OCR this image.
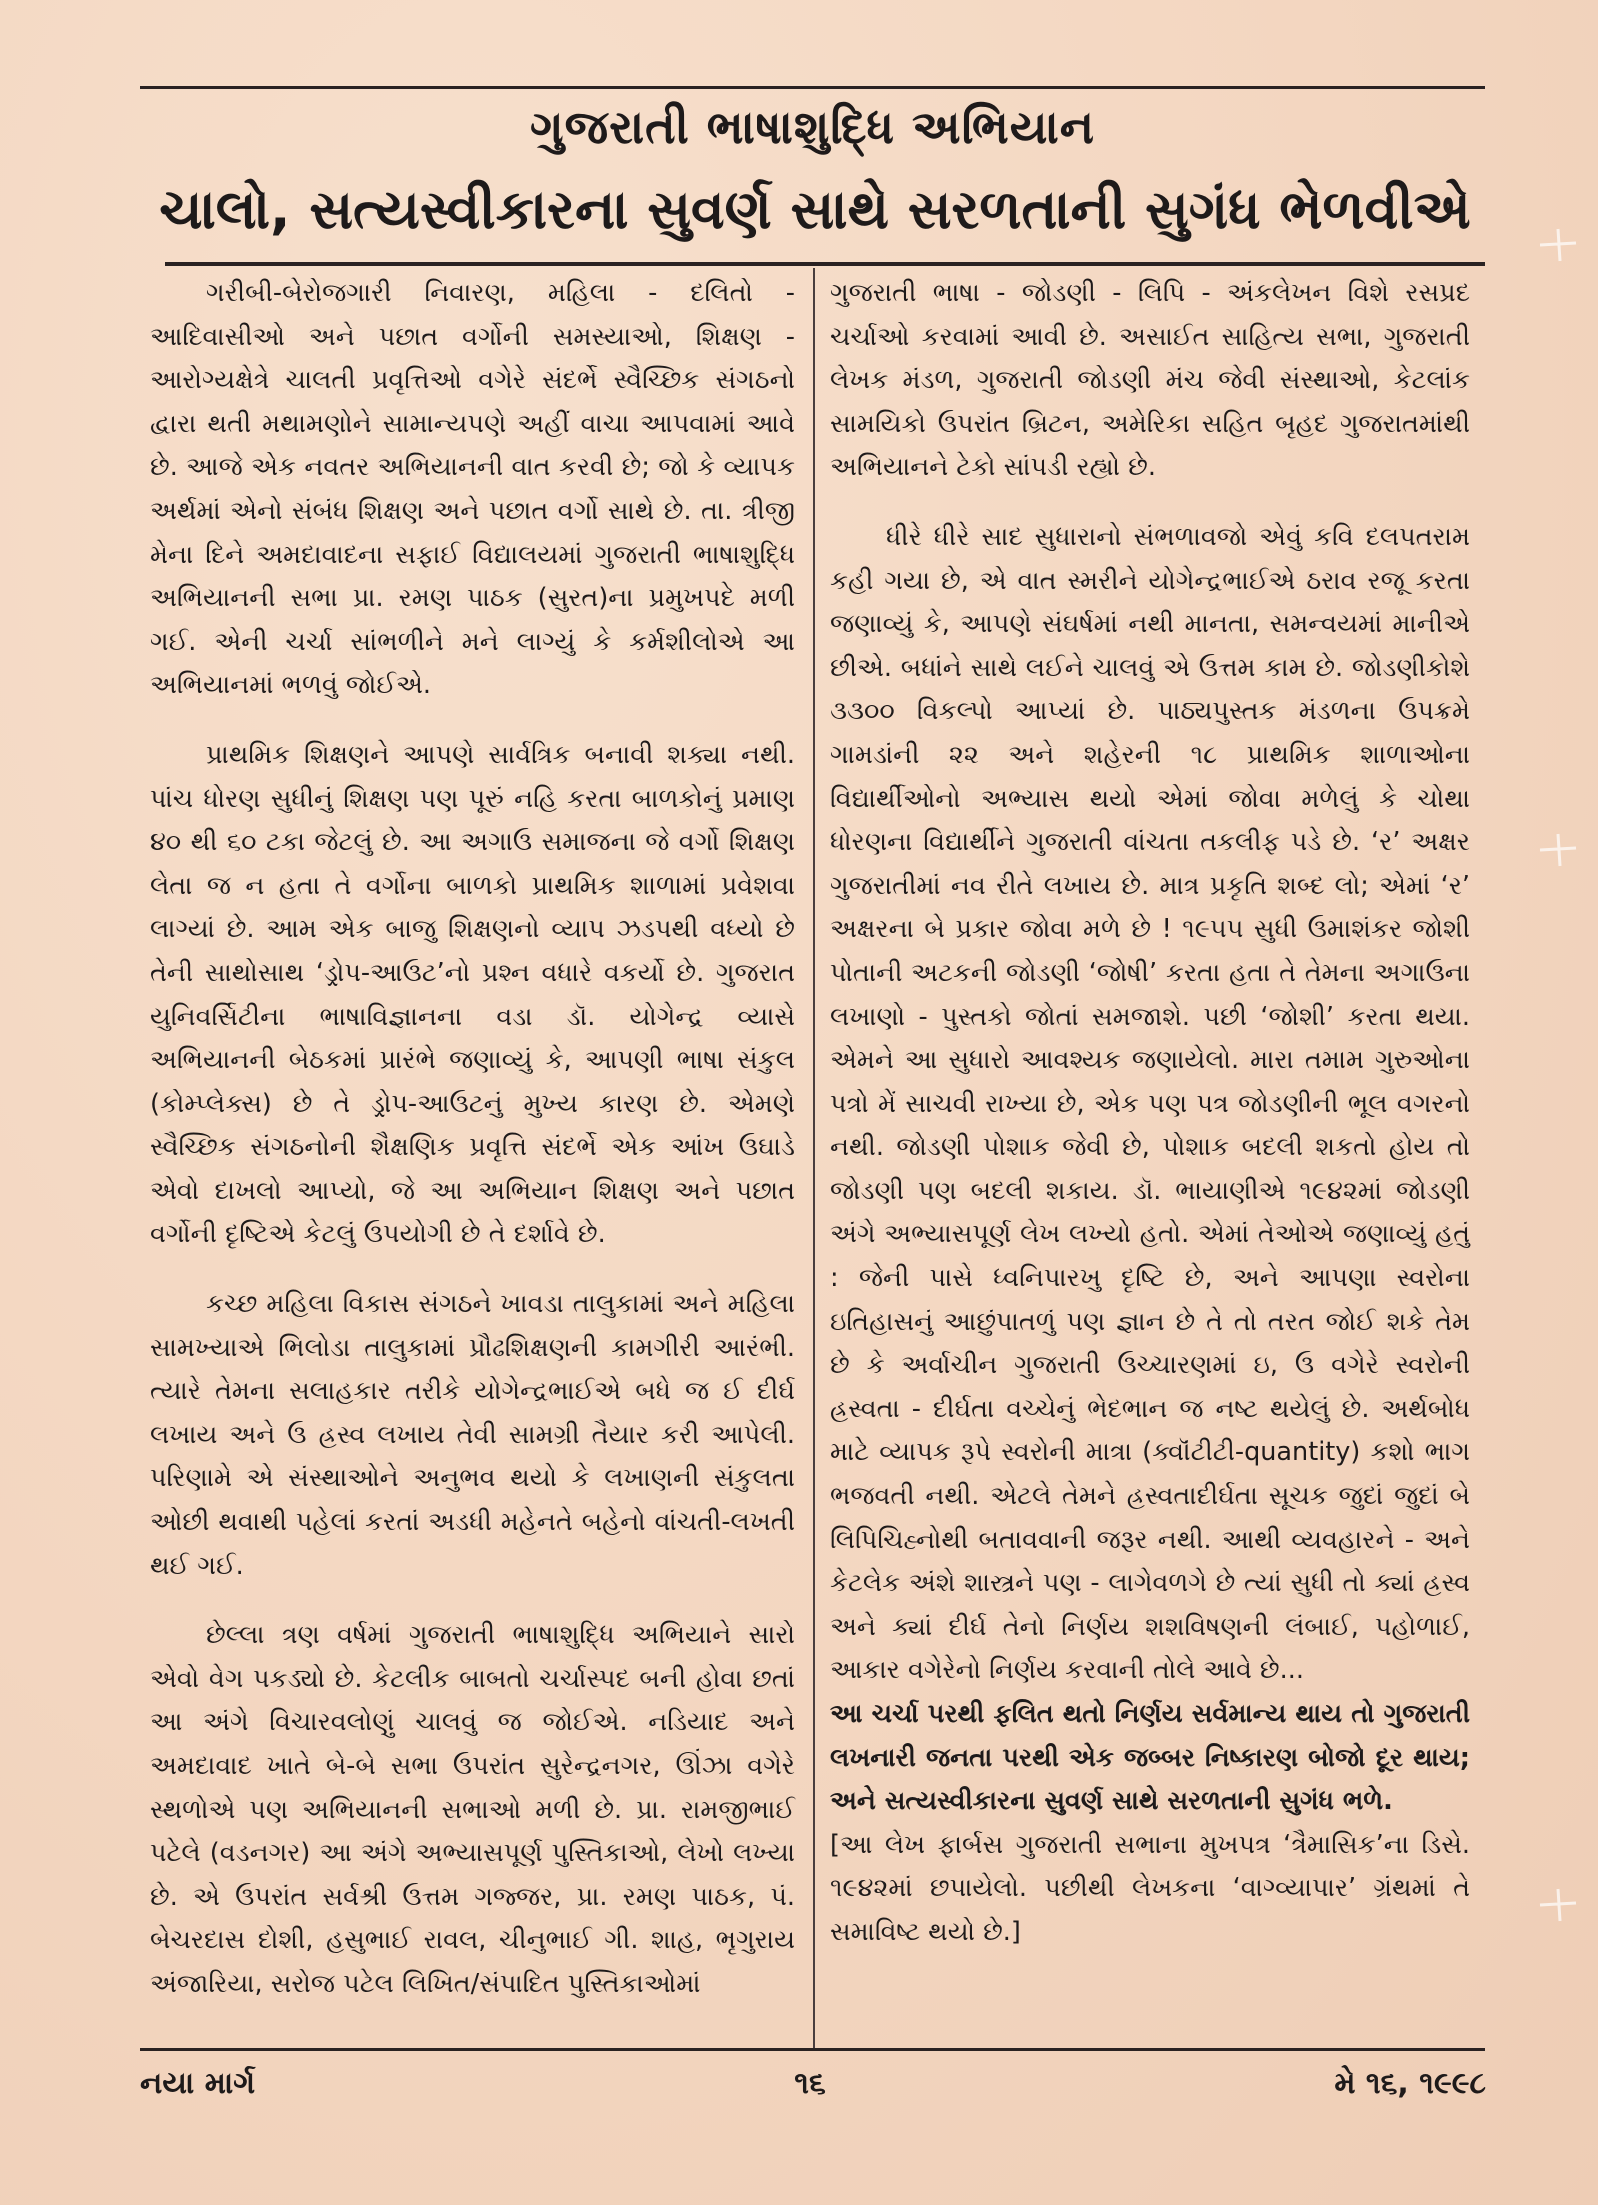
ગુજરાતી ભાષાશુદ્ધિ અભિયાન
ચાલો, સત્યસ્વીકારના સુવર્ણ સાથે સરળતાની સુગંધ ભેળવીએ

ગરીબી-બેરોજગારી નિવારણ, મહિલા - દલિતો - આદિવાસીઓ અને પછાત વર્ગોની સમસ્યાઓ, શિક્ષણ - આરોગ્યક્ષેત્રે ચાલતી પ્રવૃત્તિઓ વગેરે સંદર્ભે સ્વૈચ્છિક સંગઠનો દ્વારા થતી મથામણોને સામાન્યપણે અહીં વાચા આપવામાં આવે છે. આજે એક નવતર અભિયાનની વાત કરવી છે; જો કે વ્યાપક અર્થમાં એનો સંબંધ શિક્ષણ અને પછાત વર્ગો સાથે છે. તા. ત્રીજી મેના દિને અમદાવાદના સફાઈ વિદ્યાલયમાં ગુજરાતી ભાષાશુદ્ધિ અભિયાનની સભા પ્રા. રમણ પાઠક (સુરત)ના પ્રમુખપદે મળી ગઈ. એની ચર્ચા સાંભળીને મને લાગ્યું કે કર્મશીલોએ આ અભિયાનમાં ભળવું જોઈએ.

પ્રાથમિક શિક્ષણને આપણે સાર્વત્રિક બનાવી શક્યા નથી. પાંચ ધોરણ સુધીનું શિક્ષણ પણ પૂરું નહિ કરતા બાળકોનું પ્રમાણ ૪૦ થી ૬૦ ટકા જેટલું છે. આ અગાઉ સમાજના જે વર્ગો શિક્ષણ લેતા જ ન હતા તે વર્ગોના બાળકો પ્રાથમિક શાળામાં પ્રવેશવા લાગ્યાં છે. આમ એક બાજુ શિક્ષણનો વ્યાપ ઝડપથી વધ્યો છે તેની સાથોસાથ ‘ડ્રોપ-આઉટ’નો પ્રશ્ન વધારે વકર્યો છે. ગુજરાત યુનિવર્સિટીના ભાષાવિજ્ઞાનના વડા ડૉ. યોગેન્દ્ર વ્યાસે અભિયાનની બેઠકમાં પ્રારંભે જણાવ્યું કે, આપણી ભાષા સંકુલ (કોમ્પ્લેક્સ) છે તે ડ્રોપ-આઉટનું મુખ્ય કારણ છે. એમણે સ્વૈચ્છિક સંગઠનોની શૈક્ષણિક પ્રવૃત્તિ સંદર્ભે એક આંખ ઉઘાડે એવો દાખલો આપ્યો, જે આ અભિયાન શિક્ષણ અને પછાત વર્ગોની દૃષ્ટિએ કેટલું ઉપયોગી છે તે દર્શાવે છે.

કચ્છ મહિલા વિકાસ સંગઠને ખાવડા તાલુકામાં અને મહિલા સામખ્યાએ ભિલોડા તાલુકામાં પ્રૌઢશિક્ષણની કામગીરી આરંભી. ત્યારે તેમના સલાહકાર તરીકે યોગેન્દ્રભાઈએ બધે જ ઈ દીર્ઘ લખાય અને ઉ હ્રસ્વ લખાય તેવી સામગ્રી તૈયાર કરી આપેલી. પરિણામે એ સંસ્થાઓને અનુભવ થયો કે લખાણની સંકુલતા ઓછી થવાથી પહેલાં કરતાં અડધી મહેનતે બહેનો વાંચતી-લખતી થઈ ગઈ.

છેલ્લા ત્રણ વર્ષમાં ગુજરાતી ભાષાશુદ્ધિ અભિયાને સારો એવો વેગ પકડ્યો છે. કેટલીક બાબતો ચર્ચાસ્પદ બની હોવા છતાં આ અંગે વિચારવલોણું ચાલવું જ જોઈએ. નડિયાદ અને અમદાવાદ ખાતે બે-બે સભા ઉપરાંત સુરેન્દ્રનગર, ઊંઝા વગેરે સ્થળોએ પણ અભિયાનની સભાઓ મળી છે. પ્રા. રામજીભાઈ પટેલે (વડનગર) આ અંગે અભ્યાસપૂર્ણ પુસ્તિકાઓ, લેખો લખ્યા છે. એ ઉપરાંત સર્વશ્રી ઉત્તમ ગજ્જર, પ્રા. રમણ પાઠક, પં. બેચરદાસ દોશી, હસુભાઈ રાવલ, ચીનુભાઈ ગી. શાહ, ભૃગુરાય અંજારિયા, સરોજ પટેલ લિખિત/સંપાદિત પુસ્તિકાઓમાં

ગુજરાતી ભાષા - જોડણી - લિપિ - અંકલેખન વિશે રસપ્રદ ચર્ચાઓ કરવામાં આવી છે. અસાઈત સાહિત્ય સભા, ગુજરાતી લેખક મંડળ, ગુજરાતી જોડણી મંચ જેવી સંસ્થાઓ, કેટલાંક સામયિકો ઉપરાંત બ્રિટન, અમેરિકા સહિત બૃહદ ગુજરાતમાંથી અભિયાનને ટેકો સાંપડી રહ્યો છે.

ધીરે ધીરે સાદ સુધારાનો સંભળાવજો એવું કવિ દલપતરામ કહી ગયા છે, એ વાત સ્મરીને યોગેન્દ્રભાઈએ ઠરાવ રજૂ કરતા જણાવ્યું કે, આપણે સંઘર્ષમાં નથી માનતા, સમન્વયમાં માનીએ છીએ. બધાંને સાથે લઈને ચાલવું એ ઉત્તમ કામ છે. જોડણીકોશે ૩૩૦૦ વિકલ્પો આપ્યાં છે. પાઠ્યપુસ્તક મંડળના ઉપક્રમે ગામડાંની ૨૨ અને શહેરની ૧૮ પ્રાથમિક શાળાઓના વિદ્યાર્થીઓનો અભ્યાસ થયો એમાં જોવા મળેલું કે ચોથા ધોરણના વિદ્યાર્થીને ગુજરાતી વાંચતા તકલીફ પડે છે. ‘ર’ અક્ષર ગુજરાતીમાં નવ રીતે લખાય છે. માત્ર પ્રકૃતિ શબ્દ લો; એમાં ‘ર’ અક્ષરના બે પ્રકાર જોવા મળે છે ! ૧૯૫૫ સુધી ઉમાશંકર જોશી પોતાની અટકની જોડણી ‘જોષી’ કરતા હતા તે તેમના અગાઉના લખાણો - પુસ્તકો જોતાં સમજાશે. પછી ‘જોશી’ કરતા થયા. એમને આ સુધારો આવશ્યક જણાયેલો. મારા તમામ ગુરુઓના પત્રો મેં સાચવી રાખ્યા છે, એક પણ પત્ર જોડણીની ભૂલ વગરનો નથી. જોડણી પોશાક જેવી છે, પોશાક બદલી શકતો હોય તો જોડણી પણ બદલી શકાય. ડૉ. ભાયાણીએ ૧૯૪૨માં જોડણી અંગે અભ્યાસપૂર્ણ લેખ લખ્યો હતો. એમાં તેઓએ જણાવ્યું હતું : જેની પાસે ધ્વનિપારખુ દૃષ્ટિ છે, અને આપણા સ્વરોના ઇતિહાસનું આછુંપાતળું પણ જ્ઞાન છે તે તો તરત જોઈ શકે તેમ છે કે અર્વાચીન ગુજરાતી ઉચ્ચારણમાં ઇ, ઉ વગેરે સ્વરોની હ્રસ્વતા - દીર્ઘતા વચ્ચેનું ભેદભાન જ નષ્ટ થયેલું છે. અર્થબોધ માટે વ્યાપક રૂપે સ્વરોની માત્રા (ક્વૉંટીટી-quantity) કશો ભાગ ભજવતી નથી. એટલે તેમને હ્રસ્વતાદીર્ઘતા સૂચક જુદાં જુદાં બે લિપિચિહ્નોથી બતાવવાની જરૂર નથી. આથી વ્યવહારને - અને કેટલેક અંશે શાસ્ત્રને પણ - લાગેવળગે છે ત્યાં સુધી તો ક્યાં હ્રસ્વ અને ક્યાં દીર્ઘ તેનો નિર્ણય શશવિષણની લંબાઈ, પહોળાઈ, આકાર વગેરેનો નિર્ણય કરવાની તોલે આવે છે...

આ ચર્ચા પરથી ફલિત થતો નિર્ણય સર્વમાન્ય થાય તો ગુજરાતી લખનારી જનતા પરથી એક જબ્બર નિષ્કારણ બોજો દૂર થાય; અને સત્યસ્વીકારના સુવર્ણ સાથે સરળતાની સુગંધ ભળે.

[આ લેખ ફાર્બસ ગુજરાતી સભાના મુખપત્ર ‘ત્રૈમાસિક’ના ડિસે. ૧૯૪૨માં છપાયેલો. પછીથી લેખકના ‘વાગ્વ્યાપાર’ ગ્રંથમાં તે સમાવિષ્ટ થયો છે.]

નયા માર્ગ	૧૬	મે ૧૬, ૧૯૯૮
